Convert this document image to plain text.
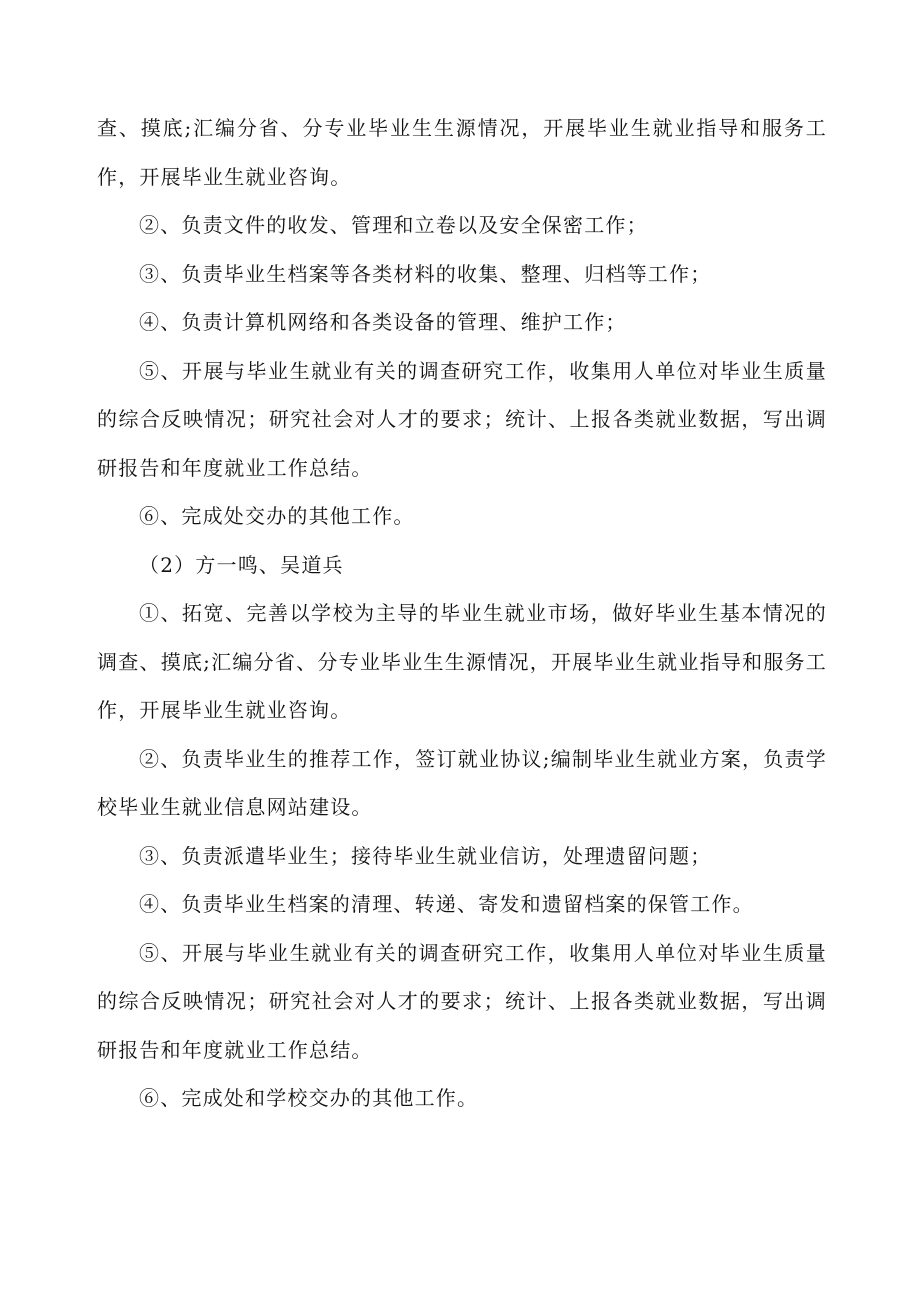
查、摸底;汇编分省、分专业毕业生生源情况，开展毕业生就业指导和服务工作，开展毕业生就业咨询。

②、负责文件的收发、管理和立卷以及安全保密工作；

③、负责毕业生档案等各类材料的收集、整理、归档等工作；

④、负责计算机网络和各类设备的管理、维护工作；

⑤、开展与毕业生就业有关的调查研究工作，收集用人单位对毕业生质量的综合反映情况；研究社会对人才的要求；统计、上报各类就业数据，写出调研报告和年度就业工作总结。

⑥、完成处交办的其他工作。

（2）方一鸣、吴道兵

①、拓宽、完善以学校为主导的毕业生就业市场，做好毕业生基本情况的调查、摸底;汇编分省、分专业毕业生生源情况，开展毕业生就业指导和服务工作，开展毕业生就业咨询。

②、负责毕业生的推荐工作，签订就业协议;编制毕业生就业方案，负责学校毕业生就业信息网站建设。

③、负责派遣毕业生；接待毕业生就业信访，处理遗留问题；

④、负责毕业生档案的清理、转递、寄发和遗留档案的保管工作。

⑤、开展与毕业生就业有关的调查研究工作，收集用人单位对毕业生质量的综合反映情况；研究社会对人才的要求；统计、上报各类就业数据，写出调研报告和年度就业工作总结。

⑥、完成处和学校交办的其他工作。
